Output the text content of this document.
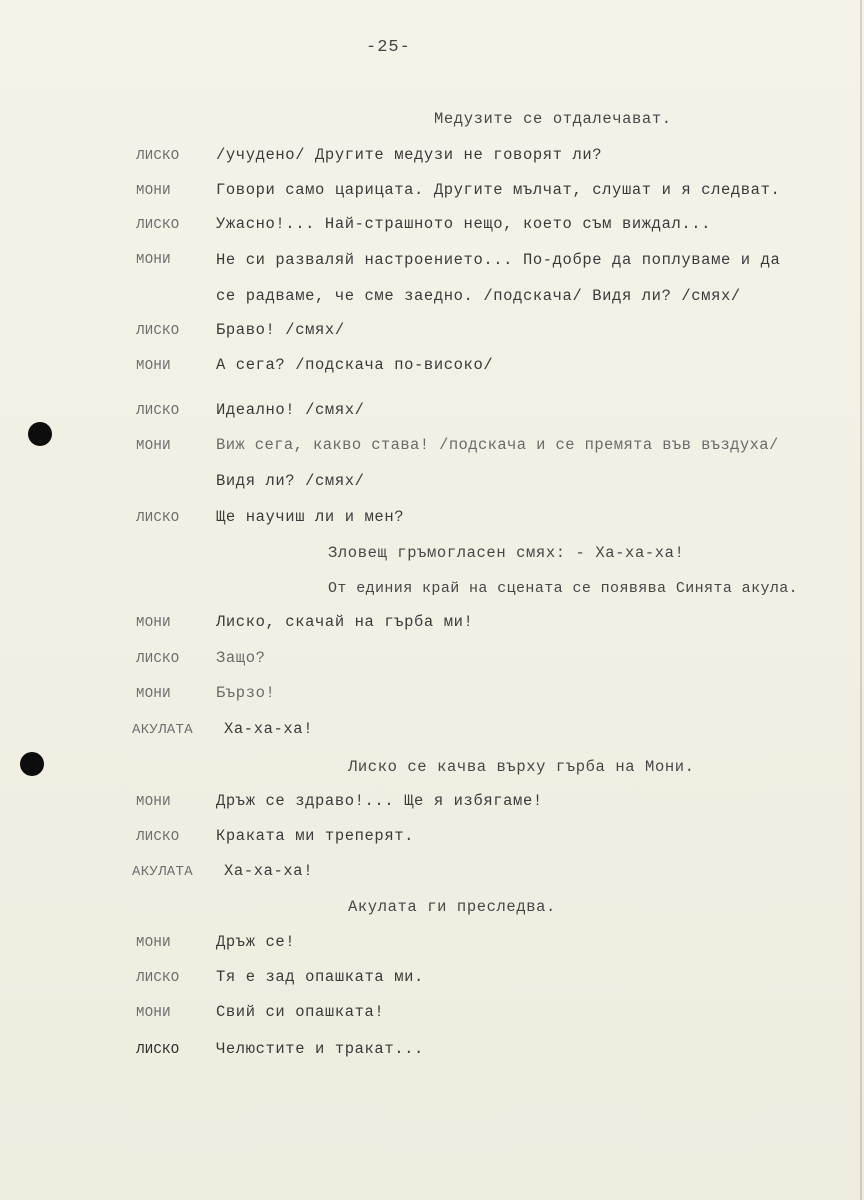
-25-
Медузите се отдалечават.
ЛИСКО /учудено/ Другите медузи не говорят ли?
МОНИ	Говори само царицата. Другите мълчат, слушат и я следват.
ЛИСКО Ужасно!... Най-страшното нещо, което съм виждал...
МОНИ	Не си разваляй настроението... По-добре да поплуваме и да
се радваме, че сме заедно. /подскача/ Видя ли? /смях/
ЛИСКО Браво! /смях/
МОНИ	А сега? /подскача по-високо/
ЛИСКО Идеално! /смях/
МОНИ	Виж сега, какво става! /подскача и се премята във въздуха/
Видя ли? /смях/
ЛИСКО Ще научиш ли и мен?
Зловещ гръмогласен смях: - Ха-ха-ха!
От единия край на сцената се появява Синята акула.
МОНИ	Лиско, скачай на гърба ми!
ЛИСКО Защо?
МОНИ	Бързо!
АКУЛАТА Ха-ха-ха!
Лиско се качва върху гърба на Мони.
МОНИ	Дръж се здраво!... Ще я избягаме!
ЛИСКО Краката ми треперят.
АКУЛАТА Ха-ха-ха!
Акулата ги преследва.
МОНИ	Дръж се!
ЛИСКО Тя е зад опашката ми.
МОНИ	Свий си опашката!
ЛИСКО Челюстите и тракат...
